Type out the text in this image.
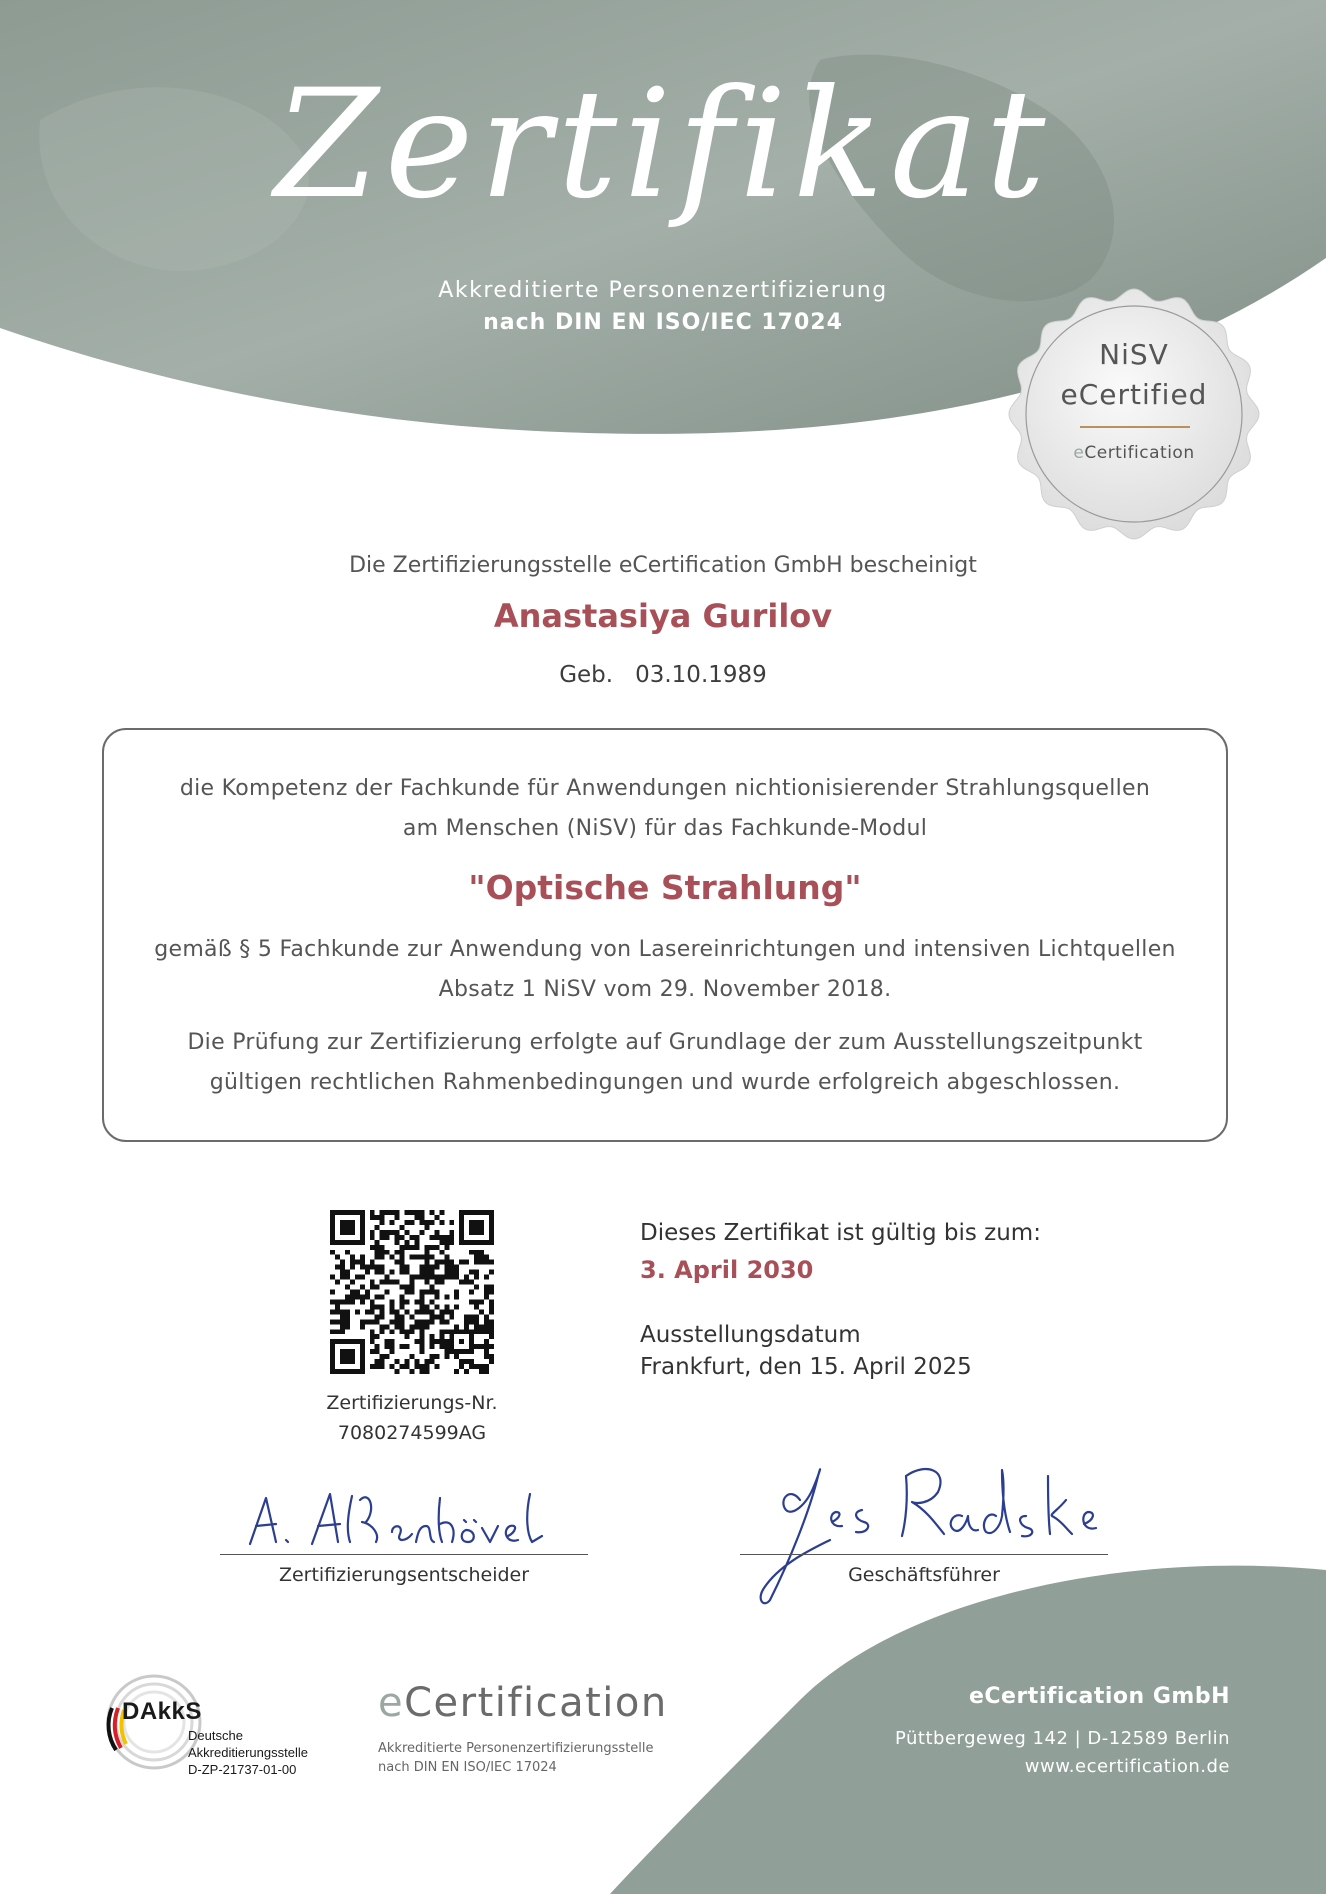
Zertifikat
Akkreditierte Personenzertifizierung
nach DIN EN ISO/IEC 17024
NiSV
eCertified
eCertification
Die Zertifizierungsstelle eCertification GmbH bescheinigt
Anastasiya Gurilov
Geb. 03.10.1989
die Kompetenz der Fachkunde für Anwendungen nichtionisierender Strahlungsquellen
am Menschen (NiSV) für das Fachkunde-Modul
"Optische Strahlung"
gemäß § 5 Fachkunde zur Anwendung von Lasereinrichtungen und intensiven Lichtquellen
Absatz 1 NiSV vom 29. November 2018.
Die Prüfung zur Zertifizierung erfolgte auf Grundlage der zum Ausstellungszeitpunkt
gültigen rechtlichen Rahmenbedingungen und wurde erfolgreich abgeschlossen.
Zertifizierungs-Nr.
7080274599AG
Dieses Zertifikat ist gültig bis zum:
3. April 2030
Ausstellungsdatum
Frankfurt, den 15. April 2025
Zertifizierungsentscheider	Geschäftsführer
DAkkS
Deutsche
Akkreditierungsstelle
D-ZP-21737-01-00
eCertification
Akkreditierte Personenzertifizierungsstelle
nach DIN EN ISO/IEC 17024
eCertification GmbH
Püttbergeweg 142 | D-12589 Berlin
www.ecertification.de
